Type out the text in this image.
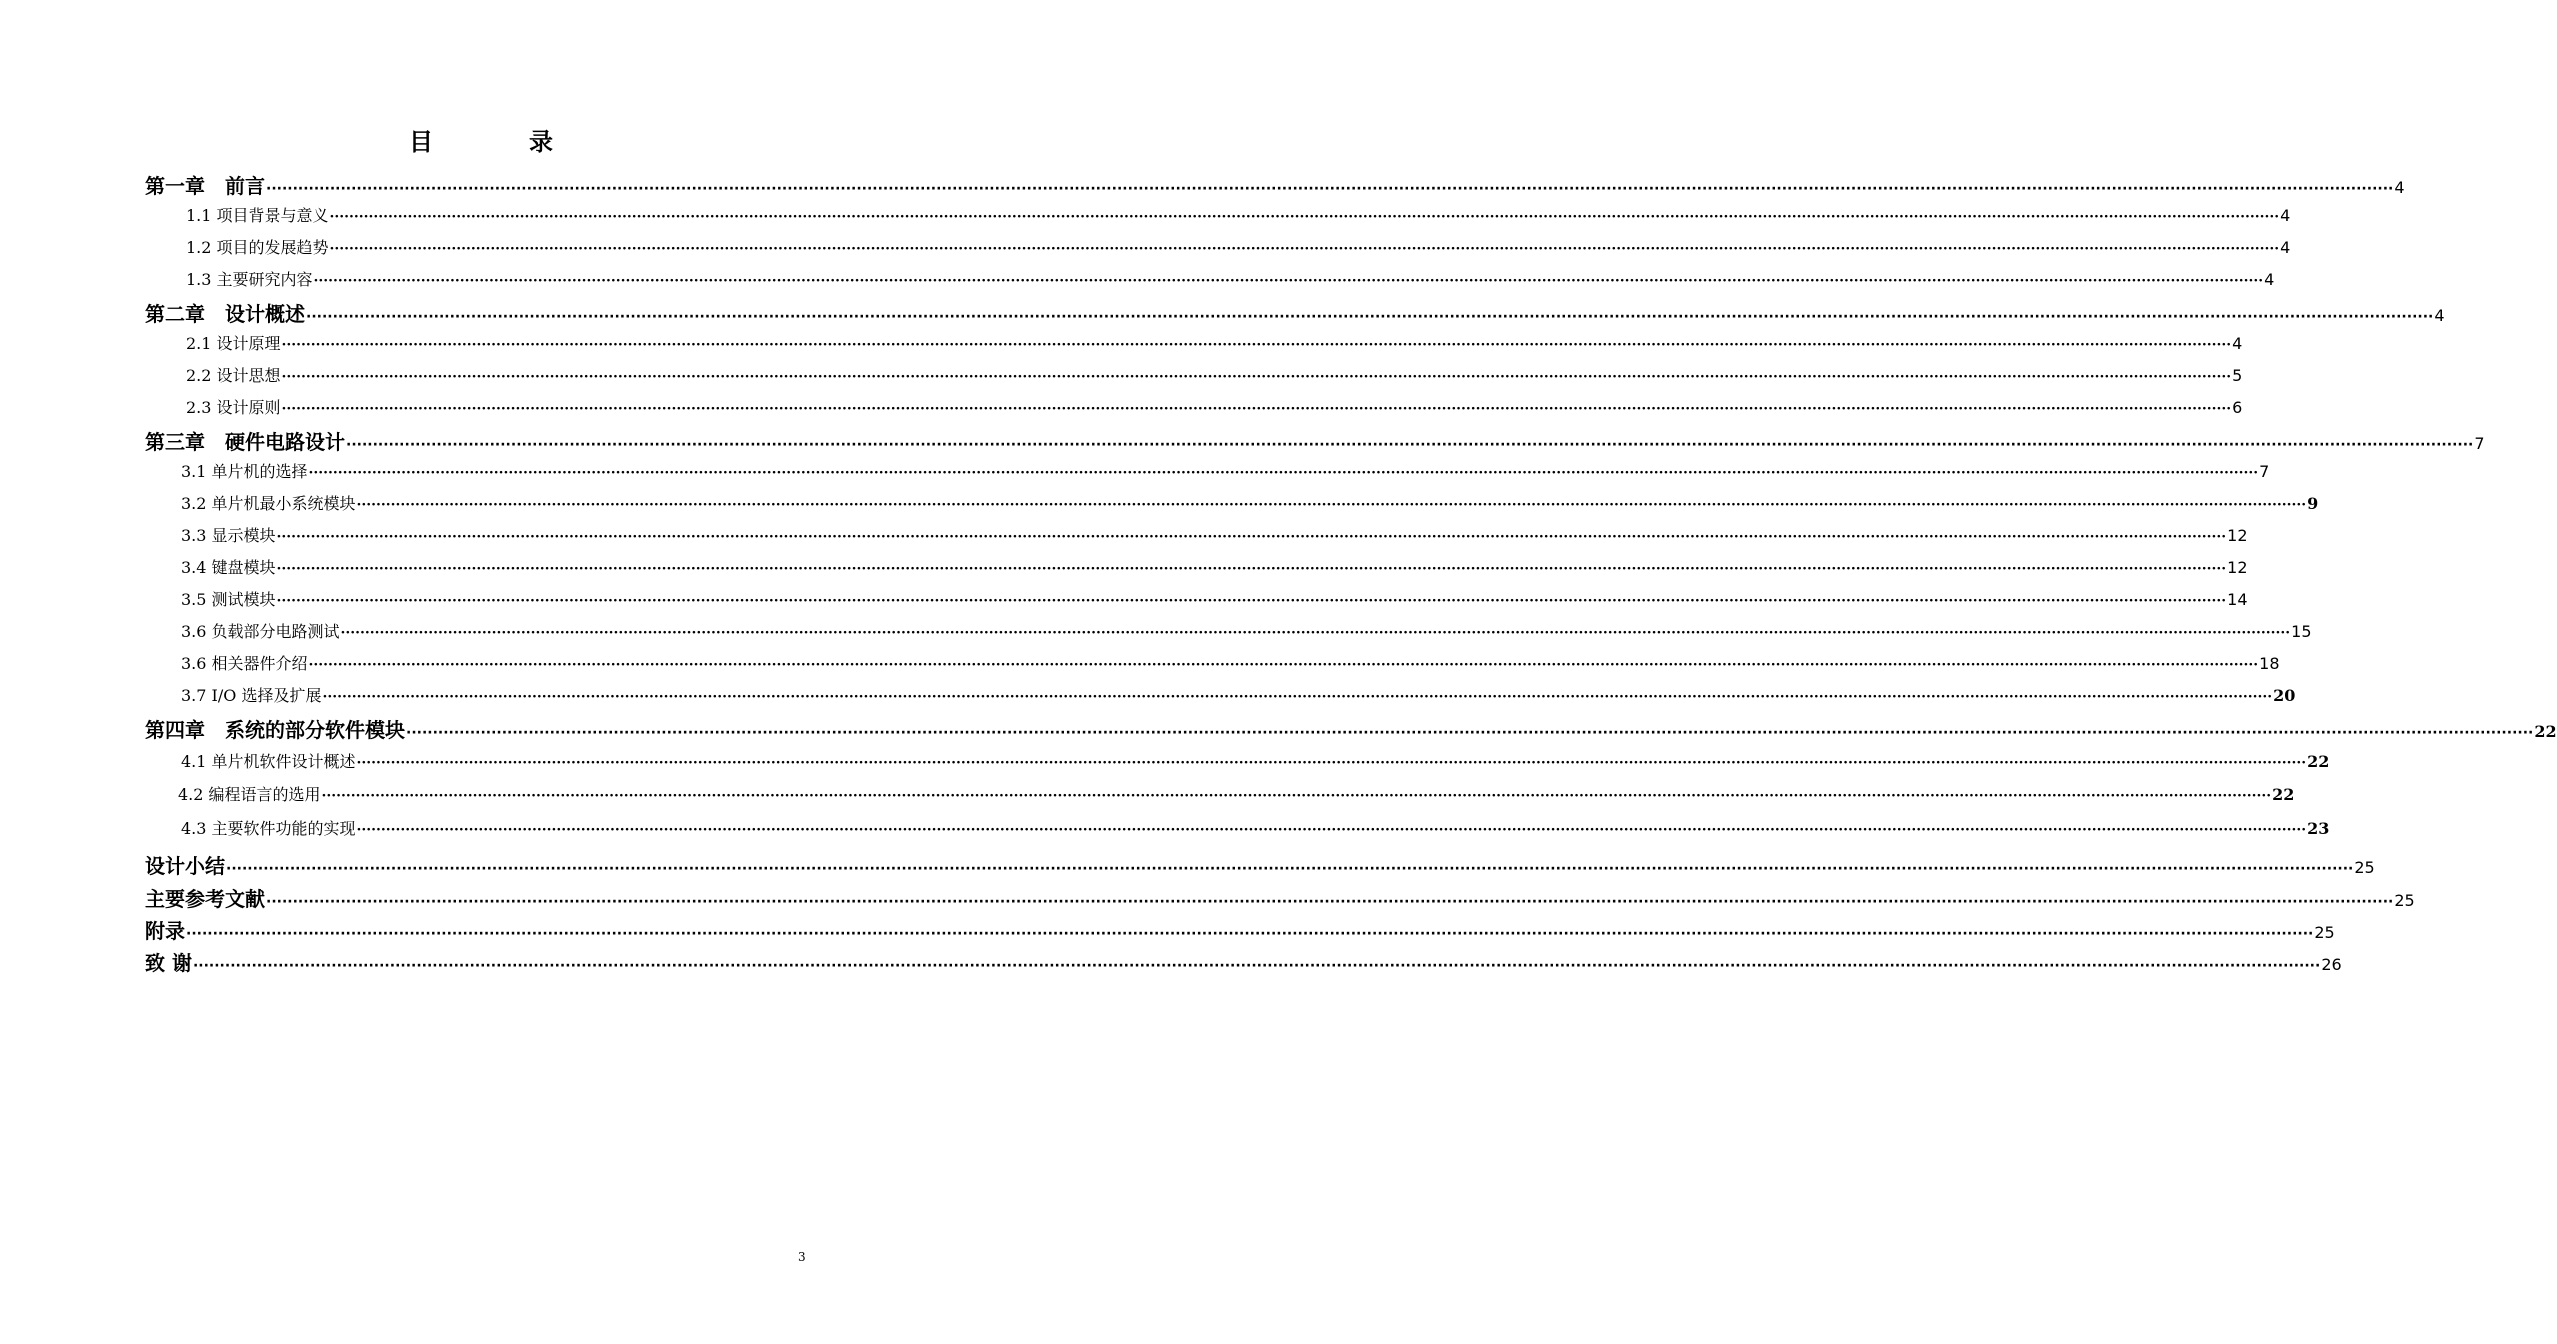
目　录
第一章　前言 ················································································································································································································································································································································································································ 4
1.1 项目背景与意义 ················································································································································································································································································································································································································ 4
1.2 项目的发展趋势 ················································································································································································································································································································································································································ 4
1.3 主要研究内容 ················································································································································································································································································································································································································ 4
第二章　设计概述 ················································································································································································································································································································································································································ 4
2.1 设计原理 ················································································································································································································································································································································································································ 4
2.2 设计思想 ················································································································································································································································································································································································································ 5
2.3 设计原则 ················································································································································································································································································································································································································ 6
第三章　硬件电路设计 ················································································································································································································································································································································································································ 7
3.1 单片机的选择 ················································································································································································································································································································································································································ 7
3.2 单片机最小系统模块 ················································································································································································································································································································································································································ 9
3.3 显示模块 ················································································································································································································································································································································································································ 12
3.4 键盘模块 ················································································································································································································································································································································································································ 12
3.5 测试模块 ················································································································································································································································································································································································································ 14
3.6 负载部分电路测试 ················································································································································································································································································································································································································ 15
3.6 相关器件介绍 ················································································································································································································································································································································································································ 18
3.7 I/O 选择及扩展 ················································································································································································································································································································································································································ 20
第四章　系统的部分软件模块 ················································································································································································································································································································································································································ 22
4.1 单片机软件设计概述 ················································································································································································································································································································································································································ 22
4.2 编程语言的选用 ················································································································································································································································································································································································································ 22
4.3 主要软件功能的实现 ················································································································································································································································································································································································································ 23
设计小结 ················································································································································································································································································································································································································ 25
主要参考文献 ················································································································································································································································································································································································································ 25
附录 ················································································································································································································································································································································································································ 25
致 谢 ················································································································································································································································································································································································································ 26
3
